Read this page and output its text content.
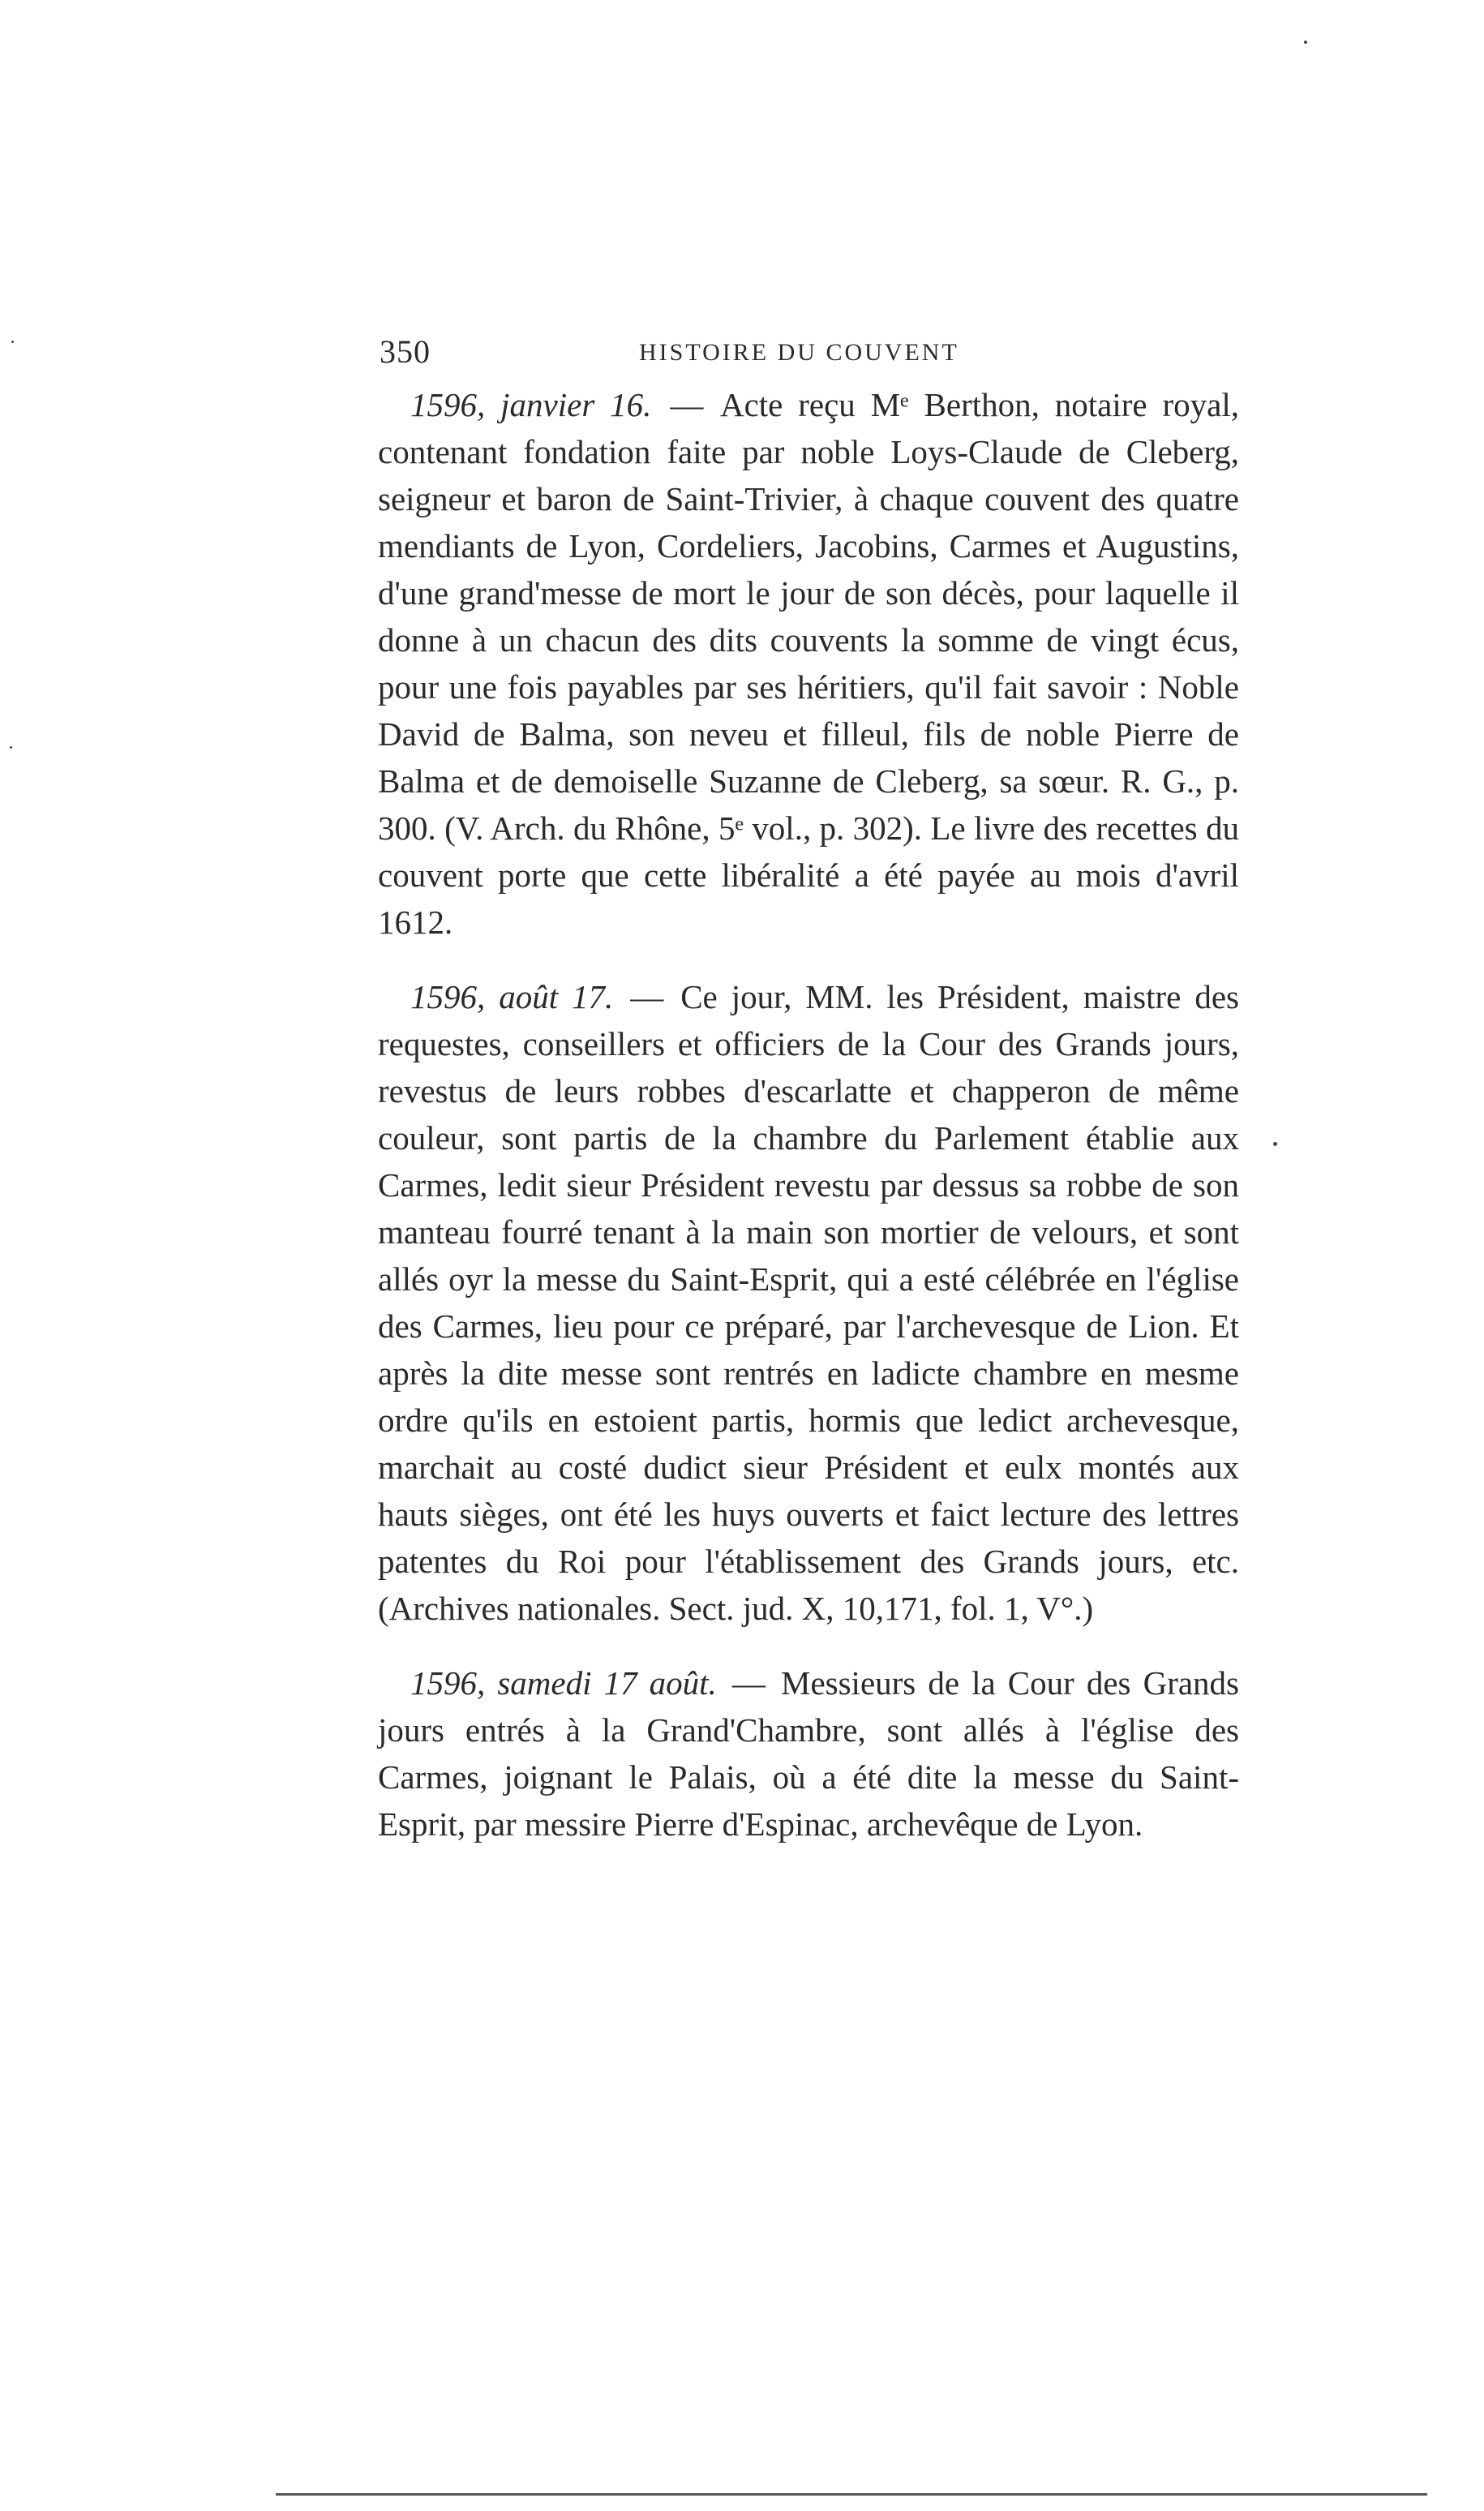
350	HISTOIRE DU COUVENT

1596, janvier 16. — Acte reçu Mᵉ Berthon, notaire royal, contenant fondation faite par noble Loys-Claude de Cleberg, seigneur et baron de Saint-Trivier, à chaque couvent des quatre mendiants de Lyon, Cordeliers, Jacobins, Carmes et Augustins, d'une grand'messe de mort le jour de son décès, pour laquelle il donne à un chacun des dits couvents la somme de vingt écus, pour une fois payables par ses héritiers, qu'il fait savoir : Noble David de Balma, son neveu et filleul, fils de noble Pierre de Balma et de demoiselle Suzanne de Cleberg, sa sœur. R. G., p. 300. (V. Arch. du Rhône, 5ᵉ vol., p. 302). Le livre des recettes du couvent porte que cette libéralité a été payée au mois d'avril 1612.

1596, août 17. — Ce jour, MM. les Président, maistre des requestes, conseillers et officiers de la Cour des Grands jours, revestus de leurs robbes d'escarlatte et chapperon de même couleur, sont partis de la chambre du Parlement établie aux Carmes, ledit sieur Président revestu par dessus sa robbe de son manteau fourré tenant à la main son mortier de velours, et sont allés oyr la messe du Saint-Esprit, qui a esté célébrée en l'église des Carmes, lieu pour ce préparé, par l'archevesque de Lion. Et après la dite messe sont rentrés en ladicte chambre en mesme ordre qu'ils en estoient partis, hormis que ledict archevesque, marchait au costé dudict sieur Président et eulx montés aux hauts sièges, ont été les huys ouverts et faict lecture des lettres patentes du Roi pour l'établissement des Grands jours, etc. (Archives nationales. Sect. jud. X, 10,171, fol. 1, V°.)

1596, samedi 17 août. — Messieurs de la Cour des Grands jours entrés à la Grand'Chambre, sont allés à l'église des Carmes, joignant le Palais, où a été dite la messe du Saint-Esprit, par messire Pierre d'Espinac, archevêque de Lyon.
